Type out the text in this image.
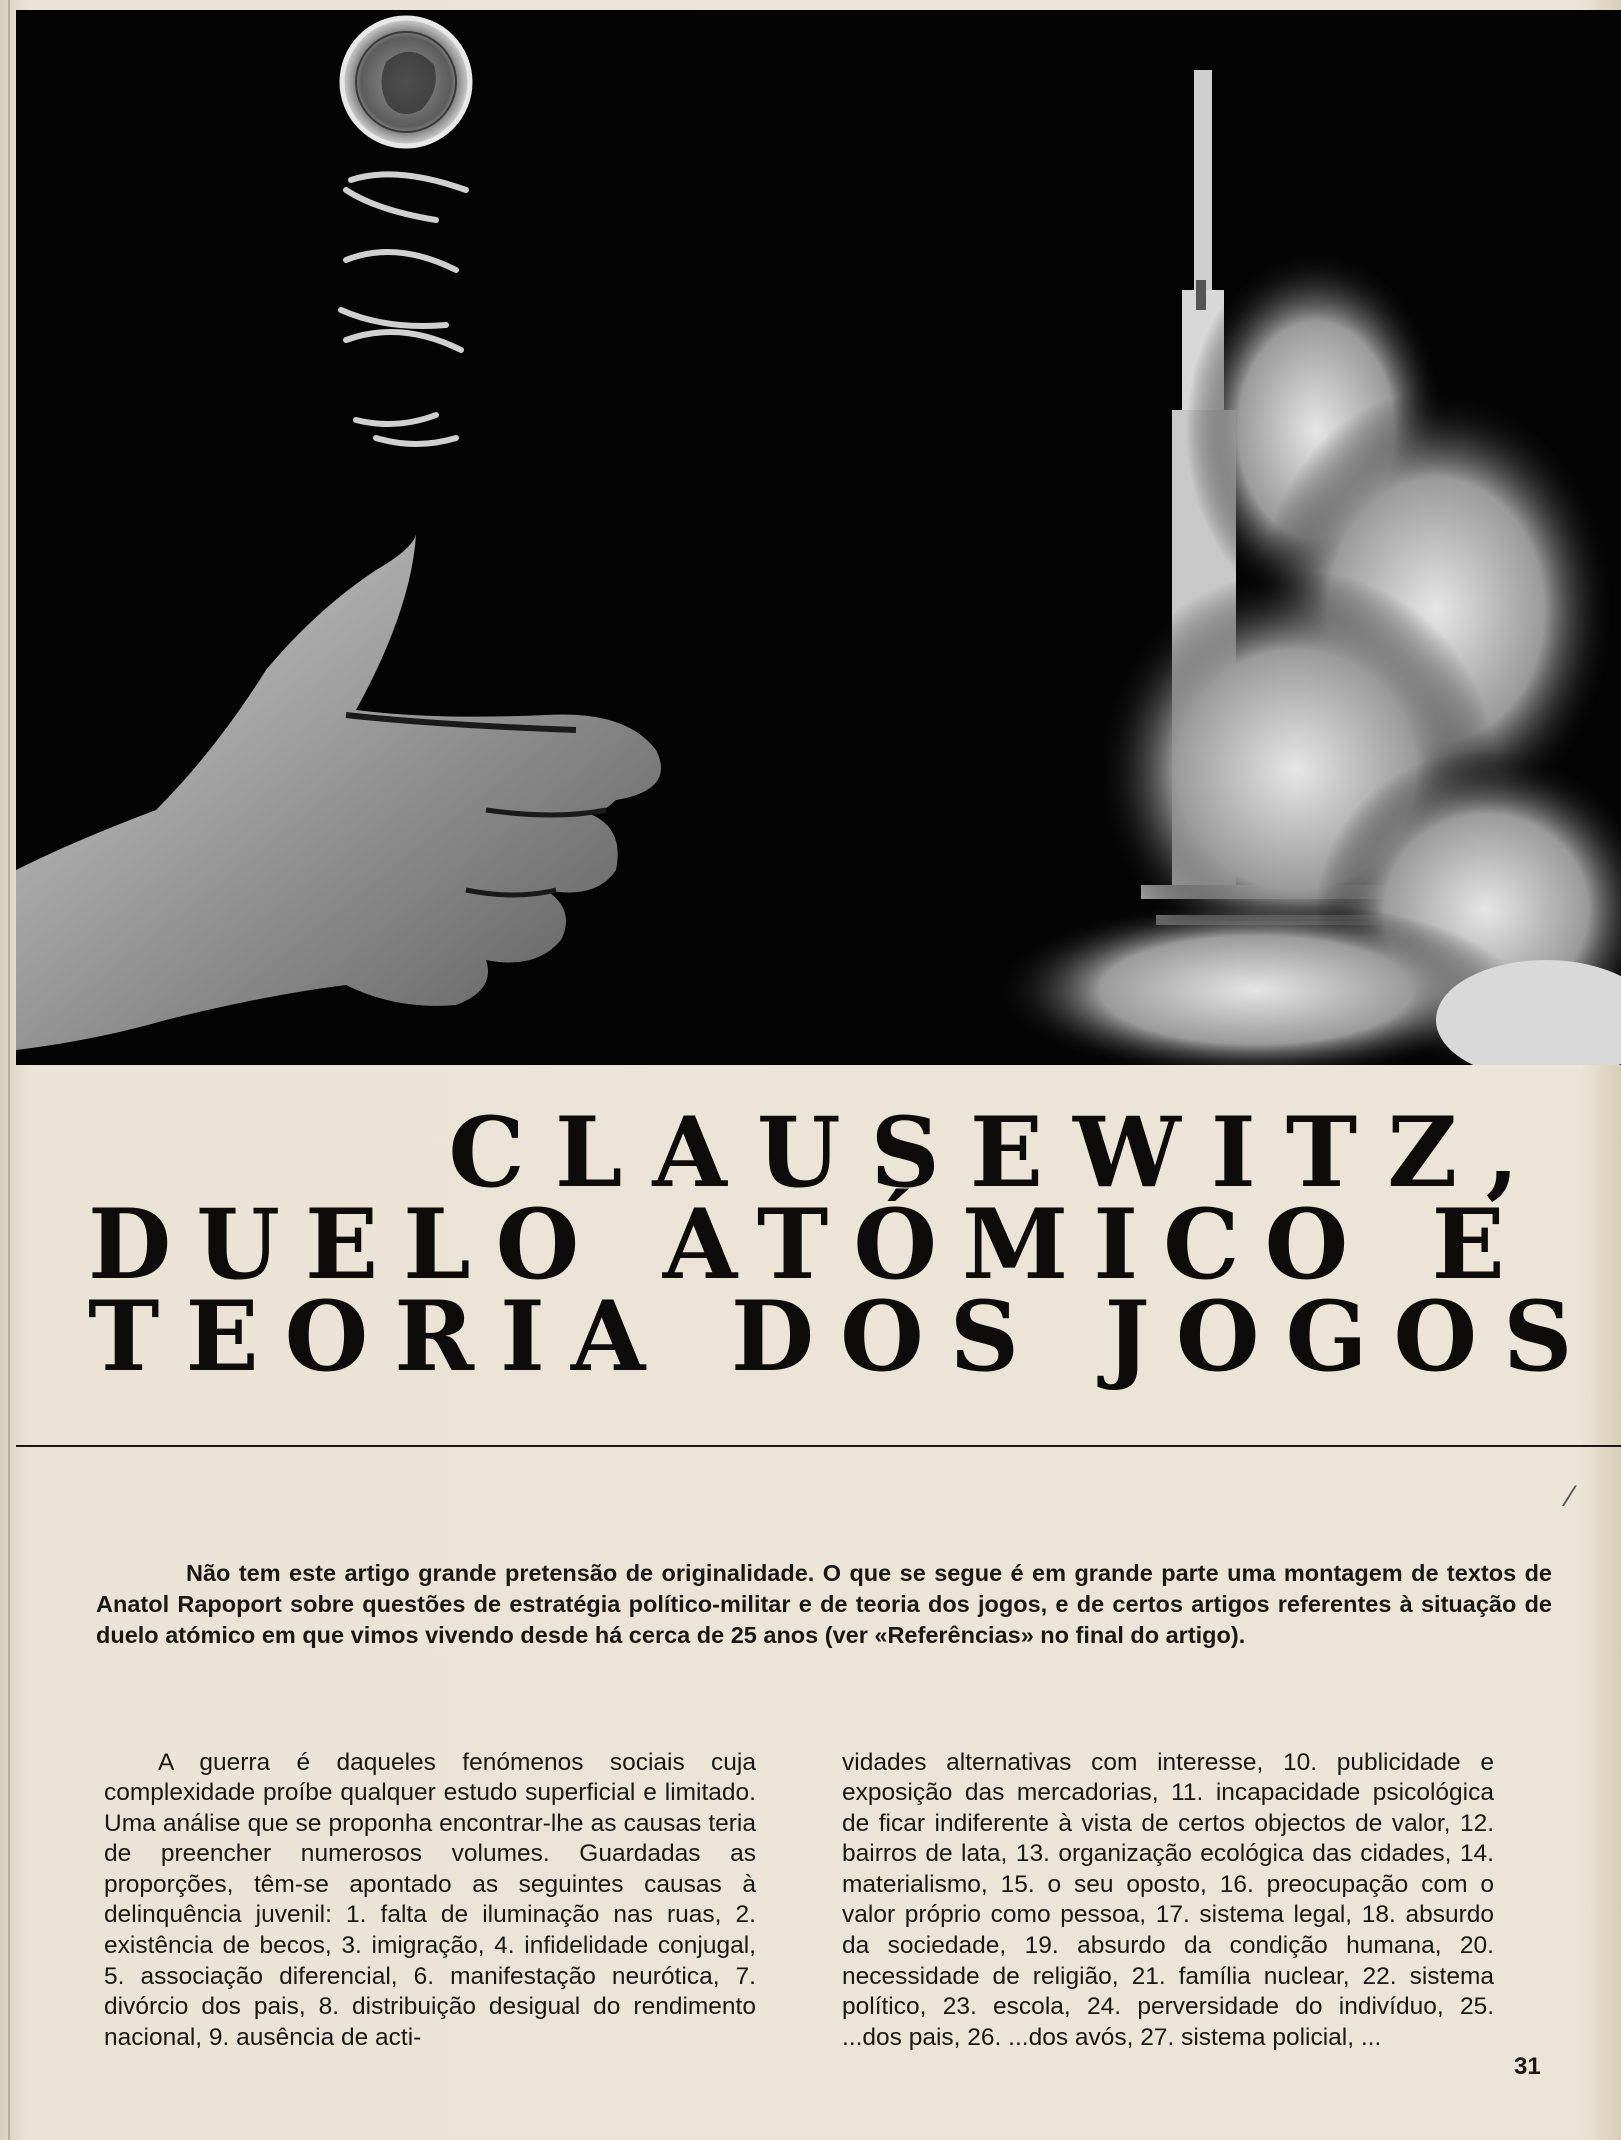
CLAUSEWITZ,
DUELO ATÓMICO E
TEORIA DOS JOGOS
⁄

Não tem este artigo grande pretensão de originalidade. O que se segue é em grande parte uma montagem de textos de Anatol Rapoport sobre questões de estratégia político-militar e de teoria dos jogos, e de certos artigos referentes à situação de duelo atómico em que vimos vivendo desde há cerca de 25 anos (ver «Referências» no final do artigo).

A guerra é daqueles fenómenos sociais cuja complexidade proíbe qualquer estudo superficial e limitado. Uma análise que se proponha encontrar-lhe as causas teria de preencher numerosos volumes. Guardadas as proporções, têm-se apontado as seguintes causas à delinquência juvenil: 1. falta de iluminação nas ruas, 2. existência de becos, 3. imigração, 4. infidelidade conjugal, 5. associação diferencial, 6. manifestação neurótica, 7. divórcio dos pais, 8. distribuição desigual do rendimento nacional, 9. ausência de acti-

vidades alternativas com interesse, 10. publicidade e exposição das mercadorias, 11. incapacidade psicológica de ficar indiferente à vista de certos objectos de valor, 12. bairros de lata, 13. organização ecológica das cidades, 14. materialismo, 15. o seu oposto, 16. preocupação com o valor próprio como pessoa, 17. sistema legal, 18. absurdo da sociedade, 19. absurdo da condição humana, 20. necessidade de religião, 21. família nuclear, 22. sistema político, 23. escola, 24. perversidade do indivíduo, 25. ...dos pais, 26. ...dos avós, 27. sistema policial, ...

31
